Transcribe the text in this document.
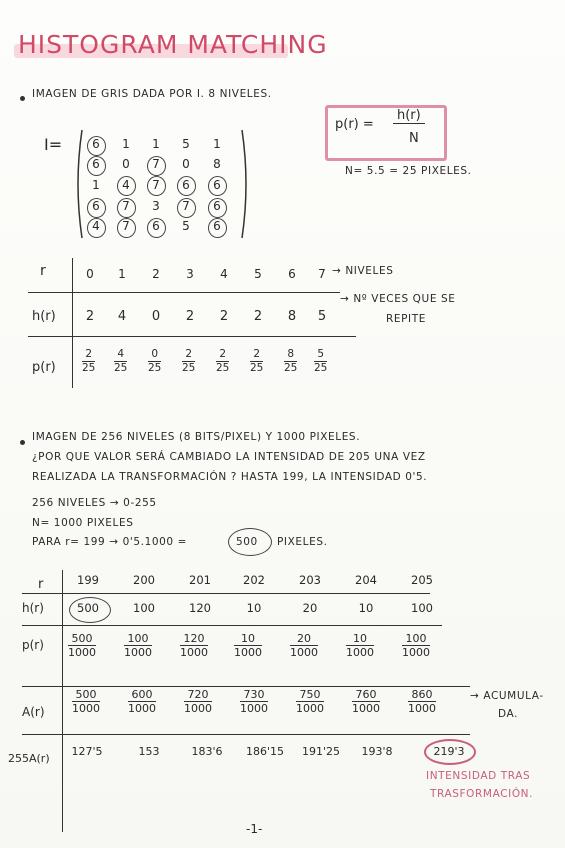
HISTOGRAM MATCHING
IMAGEN DE GRIS DADA POR I. 8 NIVELES.
I=	6	1	1	5	1
6	0	7	0	8
1	4	7	6	6
6	7	3	7	6
4	7	6	5	6
p(r) =
h(r)
N
N= 5.5 = 25 PIXELES.
r
h(r)
p(r)
0	1	2	3	4	5	6	7
2	4	0	2	2	2	8	5
$\frac{2}{25} \frac{4}{25} \frac{0}{25} \frac{2}{25} \frac{2}{25} \frac{2}{25} \frac{8}{25} \frac{5}{25}$
→ NIVELES
→ Nº VECES QUE SE
REPITE
IMAGEN DE 256 NIVELES (8 BITS/PIXEL) Y 1000 PIXELES.
¿POR QUE VALOR SERÁ CAMBIADO LA INTENSIDAD DE 205 UNA VEZ
REALIZADA LA TRANSFORMACIÓN ? HASTA 199, LA INTENSIDAD 0'5.
256 NIVELES → 0-255
N= 1000 PIXELES
PARA r= 199 → 0'5.1000 =	500 PIXELES.
r
h(r)
p(r)
A(r)
255A(r)
199	200	201	202	203	204	205
500	100	120	10	20	10	100
$\frac{500}{1000}$	$\frac{100}{1000}$	$\frac{120}{1000} \frac{10}{1000}$	$\frac{20}{1000}$	$\frac{10}{1000}$	$\frac{100}{1000}$
$\frac{500}{1000}$	$\frac{600}{1000}$	$\frac{720}{1000}$	$\frac{730}{1000}$	$\frac{750}{1000}$	$\frac{760}{1000}$	$\frac{860}{1000}$	→ ACUMULA-
DA.
127'5	153	183'6	186'15	191'25	193'8	219'3
INTENSIDAD TRAS
TRASFORMACIÓN.
-1-
